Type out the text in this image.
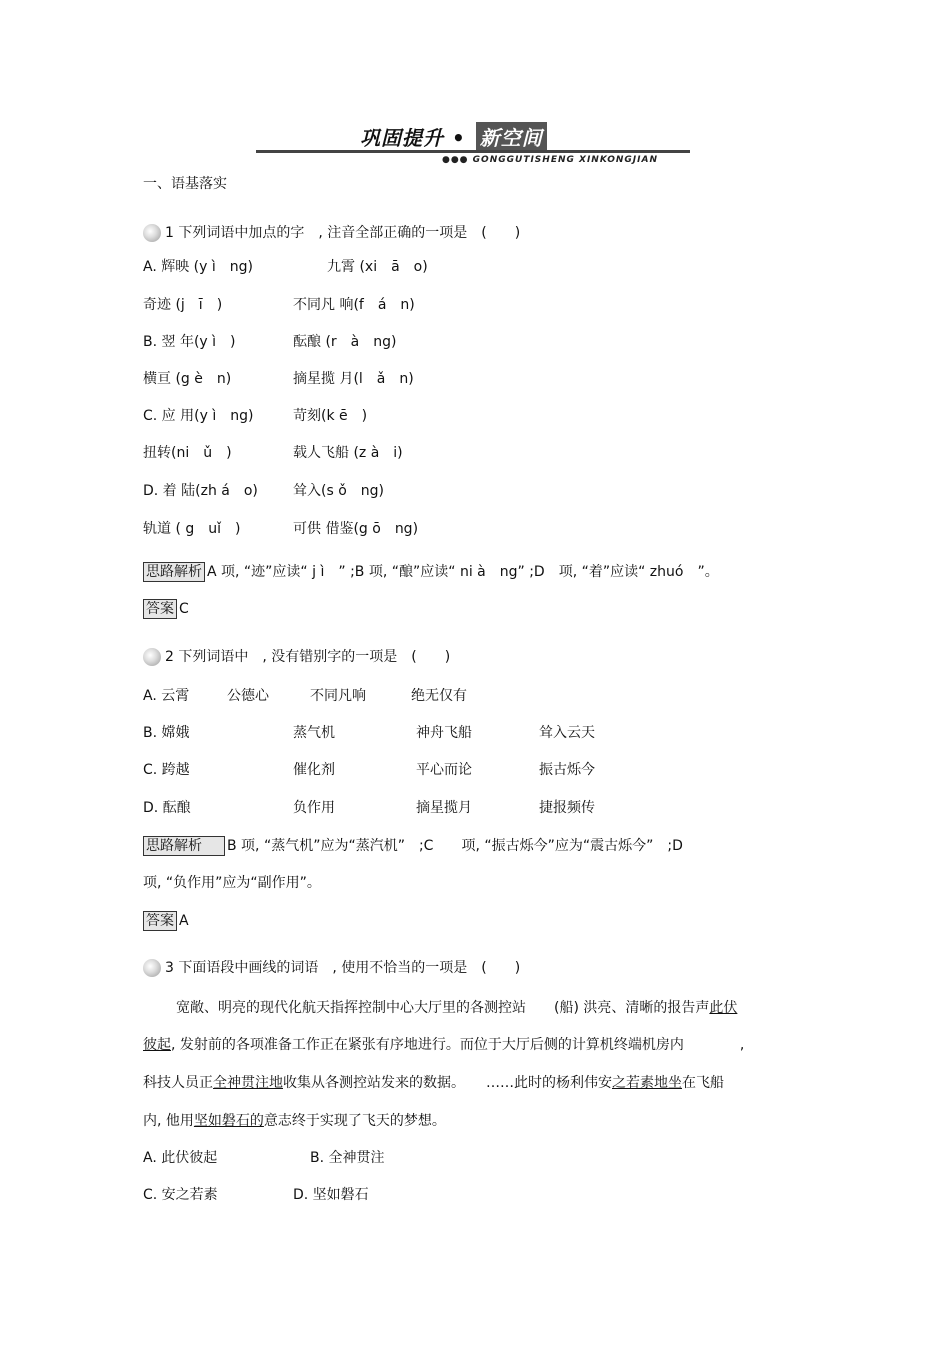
巩固提升 • 新空间
●●● GONGGUTISHENG XINKONGJIAN
一、语基落实
1 下列词语中加点的字　, 注音全部正确的一项是　(　　)
A. 辉映 (y ì　ng)	九霄 (xi　ā　o)
奇迹 (j　ī　)	不同凡 响(f　á　n)
B. 翌 年(y ì　)	酝酿 (r　à　ng)
横亘 (g è　n)	摘星揽 月(l　ǎ　n)
C. 应 用(y ì　ng)	苛刻(k ē　)
扭转(ni　ǔ　)	载人飞船 (z à　i)
D. 着 陆(zh á　o)	耸入(s ǒ　ng)
轨道 ( g　uǐ　)	可供 借鉴(g ō　ng)
思路解析 A 项, “迹”应读“ j ì　” ;B 项, “酿”应读“ ni à　ng” ;D　项, “着”应读“ zhuó　”。
答案 C
2 下列词语中　, 没有错别字的一项是　(　　)
A. 云霄	公德心	不同凡响	绝无仅有
B. 嫦娥	蒸气机	神舟飞船	耸入云天
C. 跨越	催化剂	平心而论	振古烁今
D. 酝酿	负作用	摘星揽月	捷报频传
思路解析 B 项, “蒸气机”应为“蒸汽机”　;C　　项, “振古烁今”应为“震古烁今”　;D
项, “负作用”应为“副作用”。
答案 A
3 下面语段中画线的词语　, 使用不恰当的一项是　(　　)
宽敞、明亮的现代化航天指挥控制中心大厅里的各测控站　　(船) 洪亮、清晰的报告声此伏
彼起, 发射前的各项准备工作正在紧张有序地进行。而位于大厅后侧的计算机终端机房内　　　　,
科技人员正全神贯注地收集从各测控站发来的数据。　　……此时的杨利伟安之若素地坐在飞船
内, 他用坚如磐石的意志终于实现了飞天的梦想。
A. 此伏彼起	B. 全神贯注
C. 安之若素	D. 坚如磐石
